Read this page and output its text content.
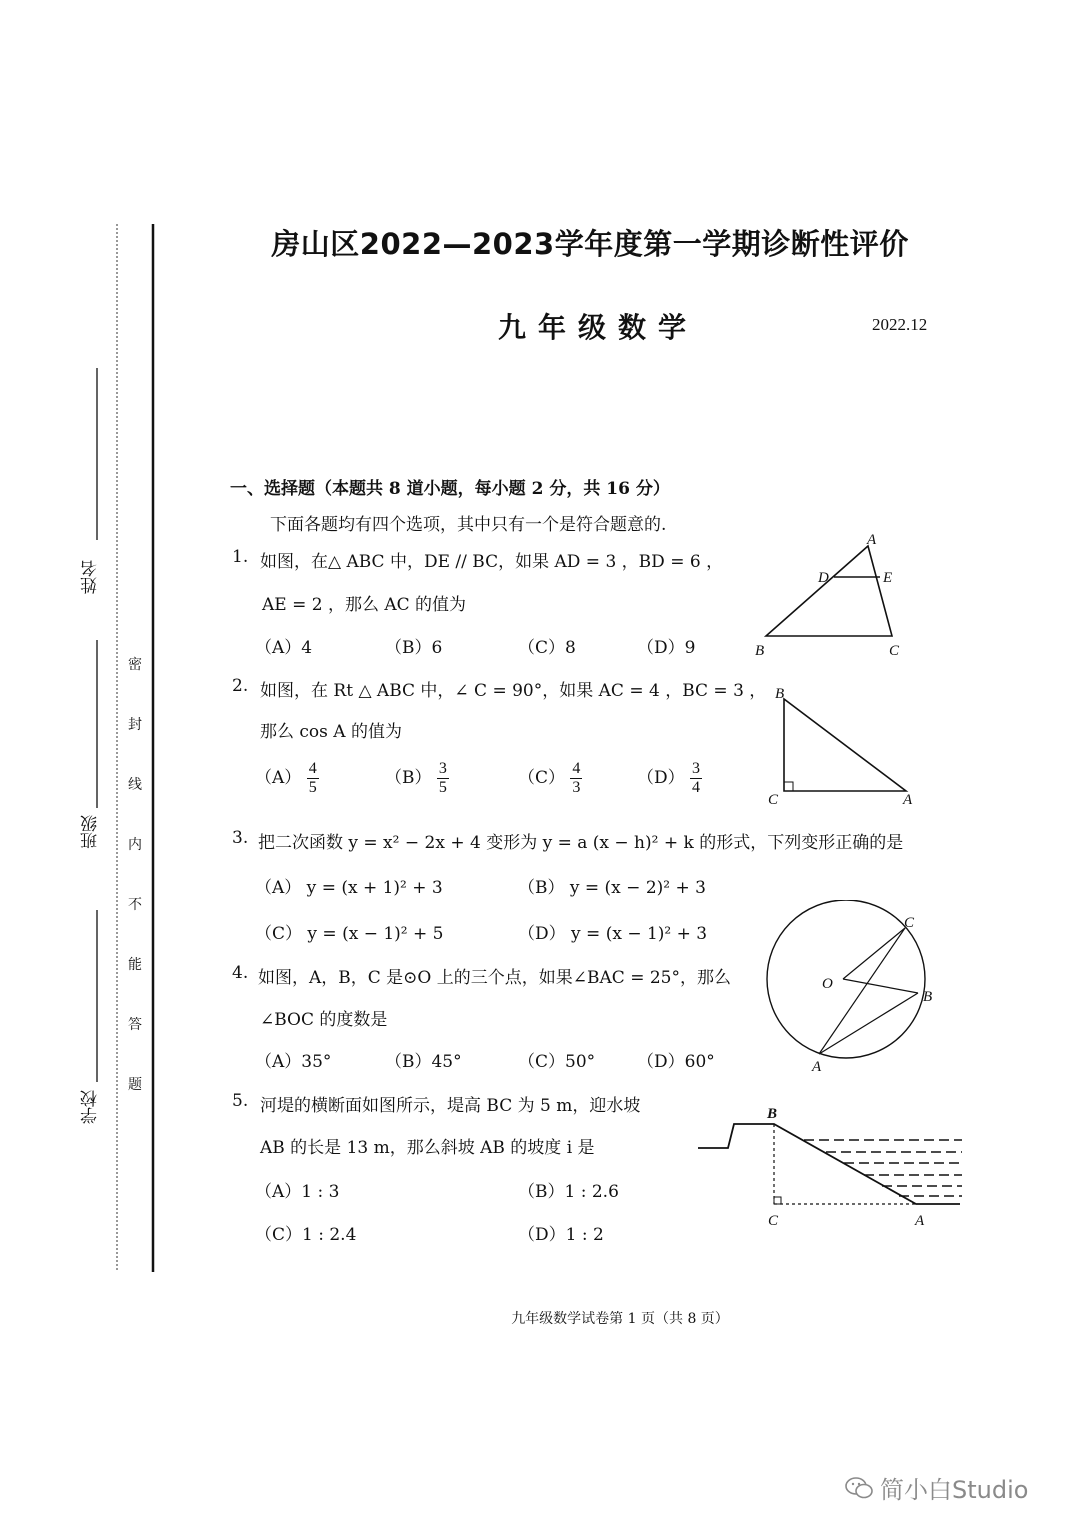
姓名
班级
学校
密
封
线
内
不
能
答
题
房山区2022—2023学年度第一学期诊断性评价
九年级数学	2022.12
一、选择题（本题共 8 道小题，每小题 2 分，共 16 分）
下面各题均有四个选项，其中只有一个是符合题意的.
1. 如图，在△ ABC 中，DE // BC，如果 AD = 3 ，BD = 6 ，
AE = 2 ，那么 AC 的值为
（A）4	（B）6	（C）8	（D）9
A
D	E
B	C
2. 如图，在 Rt △ ABC 中，∠ C = 90°，如果 AC = 4 ，BC = 3 ，
那么 cos A 的值为
$(A) \frac{4}{5}$	$(B) \frac{3}{5}$	$(C) \frac{4}{3}$	$(D) \frac{3}{4}$
B
C	A
3. 把二次函数 y = x² − 2x + 4 变形为 y = a (x − h)² + k 的形式，下列变形正确的是
（A） y = (x + 1)² + 3	（B） y = (x − 2)² + 3
（C） y = (x − 1)² + 5	（D） y = (x − 1)² + 3
4. 如图，A，B，C 是⊙O 上的三个点，如果∠BAC = 25°，那么
∠BOC 的度数是
（A）35°	（B）45°	（C）50° （D）60°
C
O
B
A
5. 河堤的横断面如图所示，堤高 BC 为 5 m，迎水坡
AB 的长是 13 m，那么斜坡 AB 的坡度 i 是
（A）1 : 3	（B）1 : 2.6
（C）1 : 2.4	（D）1 : 2
B
C	A
九年级数学试卷第 1 页（共 8 页）
简小白Studio
